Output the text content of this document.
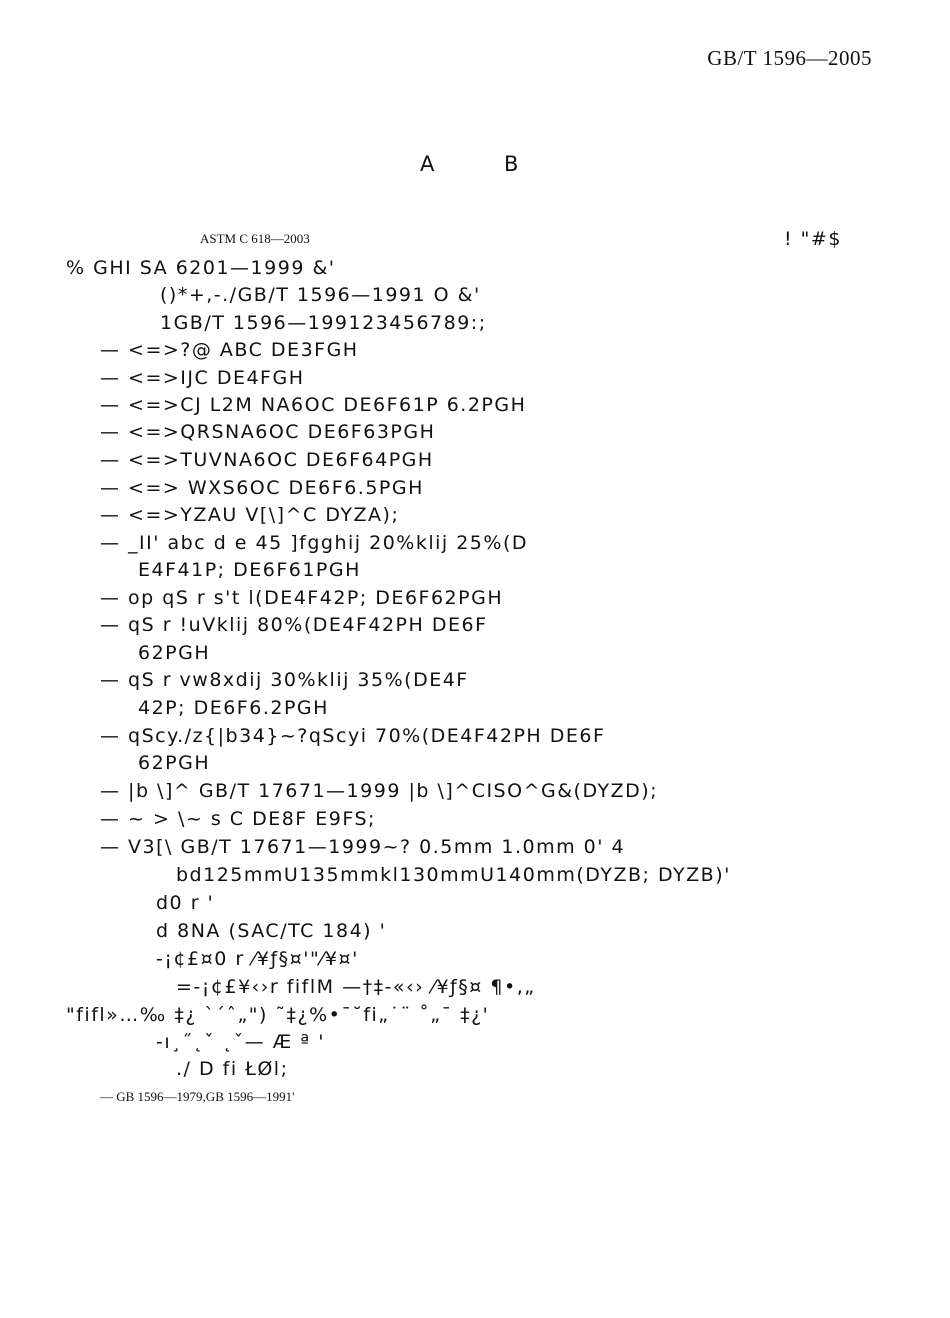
GB/T 1596—2005
A	B
ASTM C 618—2003	! "#$
% GHI SA 6201—1999 &'
()*+,-./GB/T 1596—1991 O &'
1GB/T 1596—199123456789:;
— <=>?@ ABC DE3FGH
— <=>IJC DE4FGH
— <=>CJ L2M NA6OC DE6F61P 6.2PGH
— <=>QRSNA6OC DE6F63PGH
— <=>TUVNA6OC DE6F64PGH
— <=> WXS6OC DE6F6.5PGH
— <=>YZAU V[\]^C DYZA);
— _II' abc d e 45 ]fgghij 20%klij 25%(D
E4F41P; DE6F61PGH
— op qS r s't l(DE4F42P; DE6F62PGH
— qS r !uVklij 80%(DE4F42PH DE6F
62PGH
— qS r vw8xdij 30%klij 35%(DE4F
42P; DE6F6.2PGH
— qScy./z{|b34}~?qScyi 70%(DE4F42PH DE6F
62PGH
— |b \]^ GB/T 17671—1999 |b \]^CISO^G&(DYZD);
— ~ > \~ s C DE8F E9FS;
— V3[\ GB/T 17671—1999~? 0.5mm 1.0mm 0' 4
bd125mmU135mmkl130mmU140mm(DYZB; DYZB)'
d0 r '
d 8NA (SAC/TC 184) '
-¡¢£¤0 r ⁄¥ƒ§¤'"⁄¥¤'
=-¡¢£¥‹›r fiflM —†‡-«‹› ⁄¥ƒ§¤ ¶•‚„
"fifl»…‰ ‡¿ `´ˆ„") ˜‡¿%•¯˘fi„˙¨ ˚„ˉ ‡¿'
-ı¸˝˛ˇ ˛ˇ— Æ ª '
./ D fi ŁØl;
— GB 1596—1979,GB 1596—1991'
